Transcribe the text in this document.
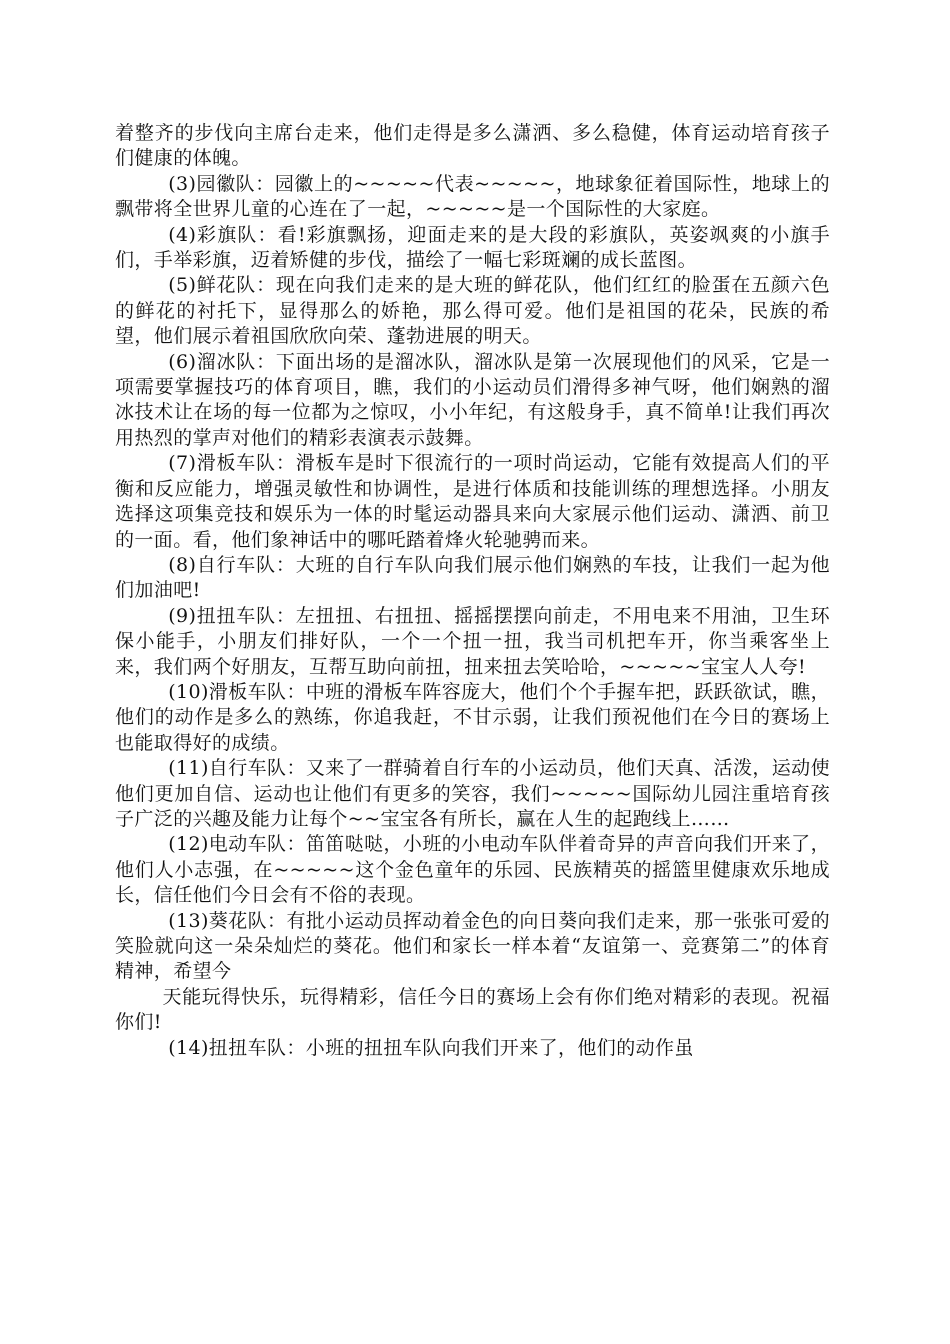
着整齐的步伐向主席台走来，他们走得是多么潇洒、多么稳健，体育运动培育孩子们健康的体魄。

(3)园徽队：园徽上的~~~~~代表~~~~~，地球象征着国际性，地球上的飘带将全世界儿童的心连在了一起，~~~~~是一个国际性的大家庭。

(4)彩旗队：看!彩旗飘扬，迎面走来的是大段的彩旗队，英姿飒爽的小旗手们，手举彩旗，迈着矫健的步伐，描绘了一幅七彩斑斓的成长蓝图。

(5)鲜花队：现在向我们走来的是大班的鲜花队，他们红红的脸蛋在五颜六色的鲜花的衬托下，显得那么的娇艳，那么得可爱。他们是祖国的花朵，民族的希望，他们展示着祖国欣欣向荣、蓬勃进展的明天。

(6)溜冰队：下面出场的是溜冰队，溜冰队是第一次展现他们的风采，它是一项需要掌握技巧的体育项目，瞧，我们的小运动员们滑得多神气呀，他们娴熟的溜冰技术让在场的每一位都为之惊叹，小小年纪，有这般身手，真不简单!让我们再次用热烈的掌声对他们的精彩表演表示鼓舞。

(7)滑板车队：滑板车是时下很流行的一项时尚运动，它能有效提高人们的平衡和反应能力，增强灵敏性和协调性，是进行体质和技能训练的理想选择。小朋友选择这项集竞技和娱乐为一体的时髦运动器具来向大家展示他们运动、潇洒、前卫的一面。看，他们象神话中的哪吒踏着烽火轮驰骋而来。

(8)自行车队：大班的自行车队向我们展示他们娴熟的车技，让我们一起为他们加油吧!

(9)扭扭车队：左扭扭、右扭扭、摇摇摆摆向前走，不用电来不用油，卫生环保小能手，小朋友们排好队，一个一个扭一扭，我当司机把车开，你当乘客坐上来，我们两个好朋友，互帮互助向前扭，扭来扭去笑哈哈，~~~~~宝宝人人夸!

(10)滑板车队：中班的滑板车阵容庞大，他们个个手握车把，跃跃欲试，瞧，他们的动作是多么的熟练，你追我赶，不甘示弱，让我们预祝他们在今日的赛场上也能取得好的成绩。

(11)自行车队：又来了一群骑着自行车的小运动员，他们天真、活泼，运动使他们更加自信、运动也让他们有更多的笑容，我们~~~~~国际幼儿园注重培育孩子广泛的兴趣及能力让每个~~宝宝各有所长，赢在人生的起跑线上……

(12)电动车队：笛笛哒哒，小班的小电动车队伴着奇异的声音向我们开来了，他们人小志强，在~~~~~这个金色童年的乐园、民族精英的摇篮里健康欢乐地成长，信任他们今日会有不俗的表现。

(13)葵花队：有批小运动员挥动着金色的向日葵向我们走来，那一张张可爱的笑脸就向这一朵朵灿烂的葵花。他们和家长一样本着“友谊第一、竞赛第二”的体育精神，希望今

天能玩得快乐，玩得精彩，信任今日的赛场上会有你们绝对精彩的表现。祝福你们!

(14)扭扭车队：小班的扭扭车队向我们开来了，他们的动作虽
